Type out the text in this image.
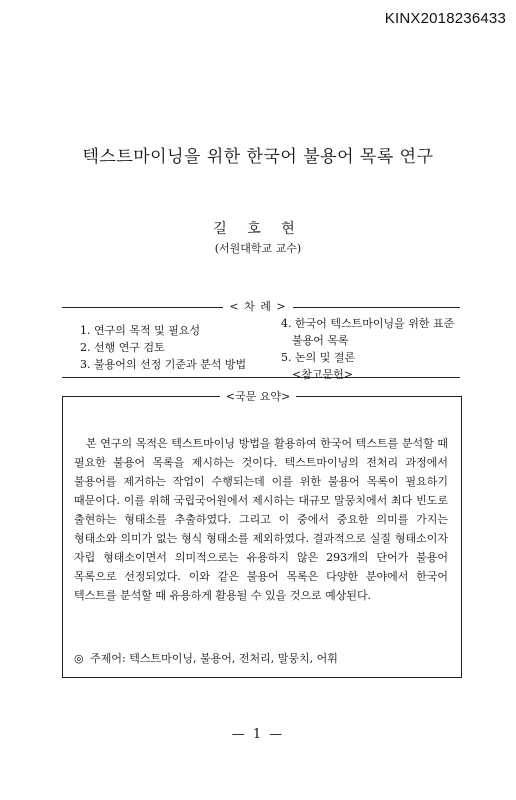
KINX2018236433
텍스트마이닝을 위한 한국어 불용어 목록 연구
길 호 현
(서원대학교 교수)
< 차 례 >
1. 연구의 목적 및 필요성
2. 선행 연구 검토
3. 불용어의 선정 기준과 분석 방법
4. 한국어 텍스트마이닝을 위한 표준
불용어 목록
5. 논의 및 결론
<참고문헌>
<국문 요약>
본 연구의 목적은 텍스트마이닝 방법을 활용하여 한국어 텍스트를 분석할 때 필요한 불용어 목록을 제시하는 것이다. 텍스트마이닝의 전처리 과정에서 불용어를 제거하는 작업이 수행되는데 이를 위한 불용어 목록이 필요하기 때문이다. 이를 위해 국립국어원에서 제시하는 대규모 말뭉치에서 최다 빈도로 출현하는 형태소를 추출하였다. 그리고 이 중에서 중요한 의미를 가지는 형태소와 의미가 없는 형식 형태소를 제외하였다. 결과적으로 실질 형태소이자 자립 형태소이면서 의미적으로는 유용하지 않은 293개의 단어가 불용어 목록으로 선정되었다. 이와 같은 불용어 목록은 다양한 분야에서 한국어 텍스트를 분석할 때 유용하게 활용될 수 있을 것으로 예상된다.
◎ 주제어: 텍스트마이닝, 불용어, 전처리, 말뭉치, 어휘
— 1 —
